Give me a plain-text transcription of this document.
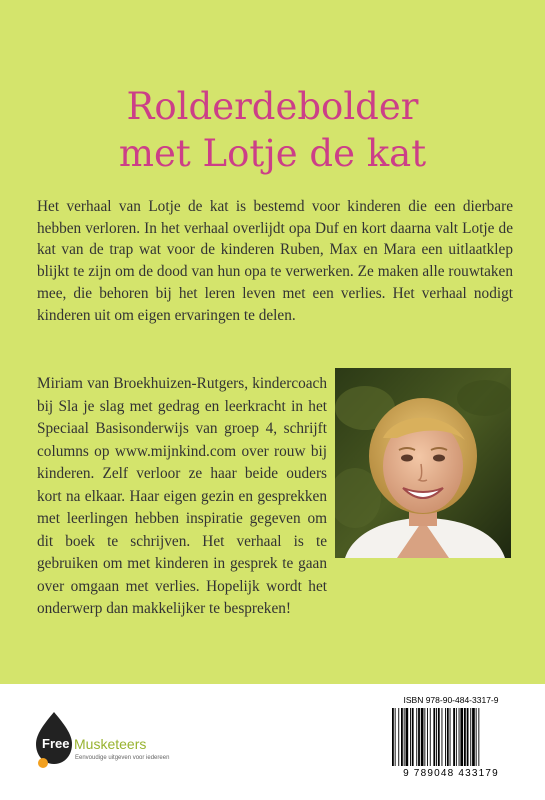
Rolderdebolder
met Lotje de kat

Het verhaal van Lotje de kat is bestemd voor kinderen die een dierbare hebben verloren. In het verhaal overlijdt opa Duf en kort daarna valt Lotje de kat van de trap wat voor de kinderen Ruben, Max en Mara een uitlaatklep blijkt te zijn om de dood van hun opa te verwerken. Ze maken alle rouwtaken mee, die behoren bij het leren leven met een verlies. Het verhaal nodigt kinderen uit om eigen ervaringen te delen.

Miriam van Broekhuizen-Rutgers, kindercoach bij Sla je slag met gedrag en leerkracht in het Speciaal Basisonderwijs van groep 4, schrijft columns op www.mijnkind.com over rouw bij kinderen. Zelf verloor ze haar beide ouders kort na elkaar. Haar eigen gezin en gesprekken met leerlingen hebben inspiratie gegeven om dit boek te schrijven. Het verhaal is te gebruiken om met kinderen in gesprek te gaan over omgaan met verlies. Hopelijk wordt het onderwerp dan makkelijker te bespreken!

Free Musketeers
Eenvoudige uitgeven voor iedereen
ISBN 978-90-484-3317-9
9 789048 433179
